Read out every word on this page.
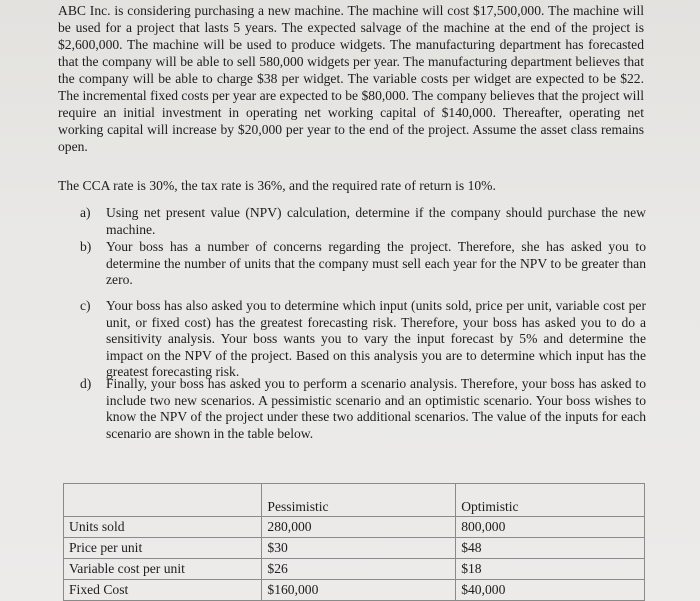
ABC Inc. is considering purchasing a new machine. The machine will cost $17,500,000. The machine will be used for a project that lasts 5 years. The expected salvage of the machine at the end of the project is $2,600,000. The machine will be used to produce widgets. The manufacturing department has forecasted that the company will be able to sell 580,000 widgets per year. The manufacturing department believes that the company will be able to charge $38 per widget. The variable costs per widget are expected to be $22. The incremental fixed costs per year are expected to be $80,000. The company believes that the project will require an initial investment in operating net working capital of $140,000. Thereafter, operating net working capital will increase by $20,000 per year to the end of the project. Assume the asset class remains open.

The CCA rate is 30%, the tax rate is 36%, and the required rate of return is 10%.

a)	Using net present value (NPV) calculation, determine if the company should purchase the new machine.
b)	Your boss has a number of concerns regarding the project. Therefore, she has asked you to determine the number of units that the company must sell each year for the NPV to be greater than zero.
c)	Your boss has also asked you to determine which input (units sold, price per unit, variable cost per unit, or fixed cost) has the greatest forecasting risk. Therefore, your boss has asked you to do a sensitivity analysis. Your boss wants you to vary the input forecast by 5% and determine the impact on the NPV of the project. Based on this analysis you are to determine which input has the greatest forecasting risk.
d)	Finally, your boss has asked you to perform a scenario analysis. Therefore, your boss has asked to include two new scenarios. A pessimistic scenario and an optimistic scenario. Your boss wishes to know the NPV of the project under these two additional scenarios. The value of the inputs for each scenario are shown in the table below.
	Pessimistic	Optimistic
Units sold	280,000	800,000
Price per unit	$30	$48
Variable cost per unit	$26	$18
Fixed Cost	$160,000	$40,000
